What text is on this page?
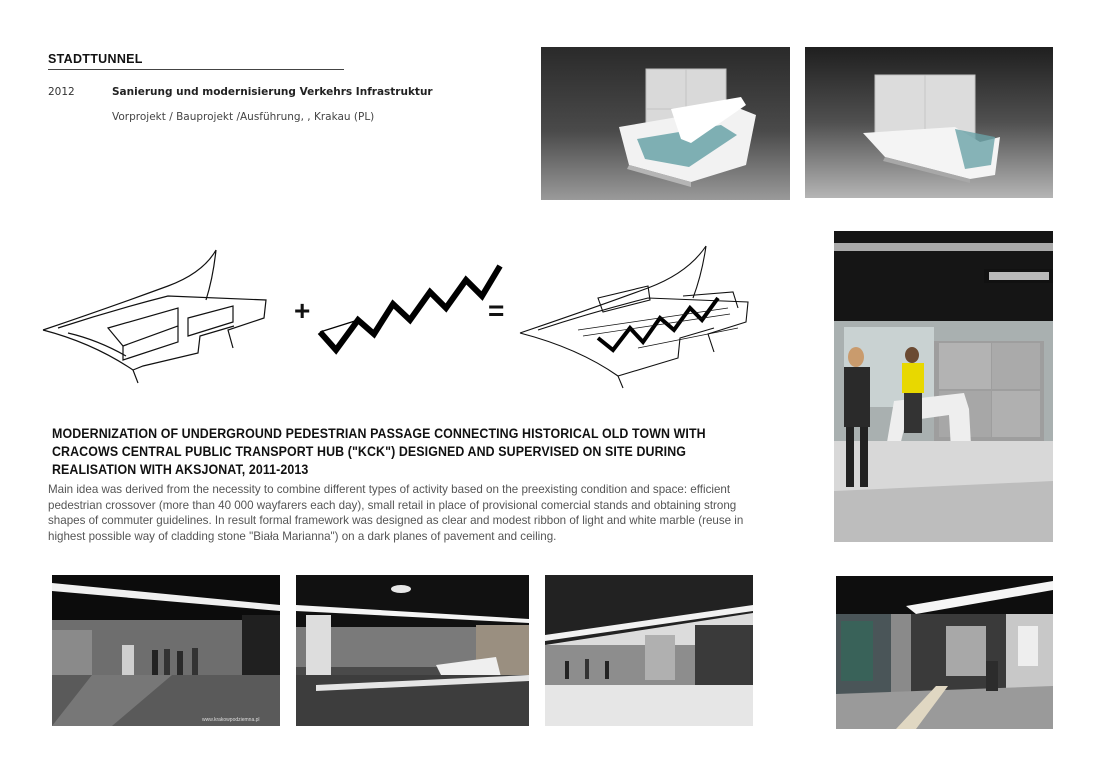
STADTTUNNEL
2012	Sanierung und modernisierung Verkehrs Infrastruktur
Vorprojekt / Bauprojekt /Ausführung, , Krakau (PL)
+	=
MODERNIZATION OF UNDERGROUND PEDESTRIAN PASSAGE CONNECTING HISTORICAL OLD TOWN WITH CRACOWS CENTRAL PUBLIC TRANSPORT HUB ("KCK") DESIGNED AND SUPERVISED ON SITE DURING REALISATION WITH AKSJONAT, 2011-2013
Main idea was derived from the necessity to combine different types of activity based on the preexisting condition and space: efficient pedestrian crossover (more than 40 000 wayfarers each day), small retail in place of provisional comercial stands and obtaining strong shapes of commuter guidelines. In result formal framework was designed as clear and modest ribbon of light and white marble (reuse in highest possible way of cladding stone "Biała Marianna") on a dark planes of pavement and ceiling.
www.krakowpodziemna.pl
